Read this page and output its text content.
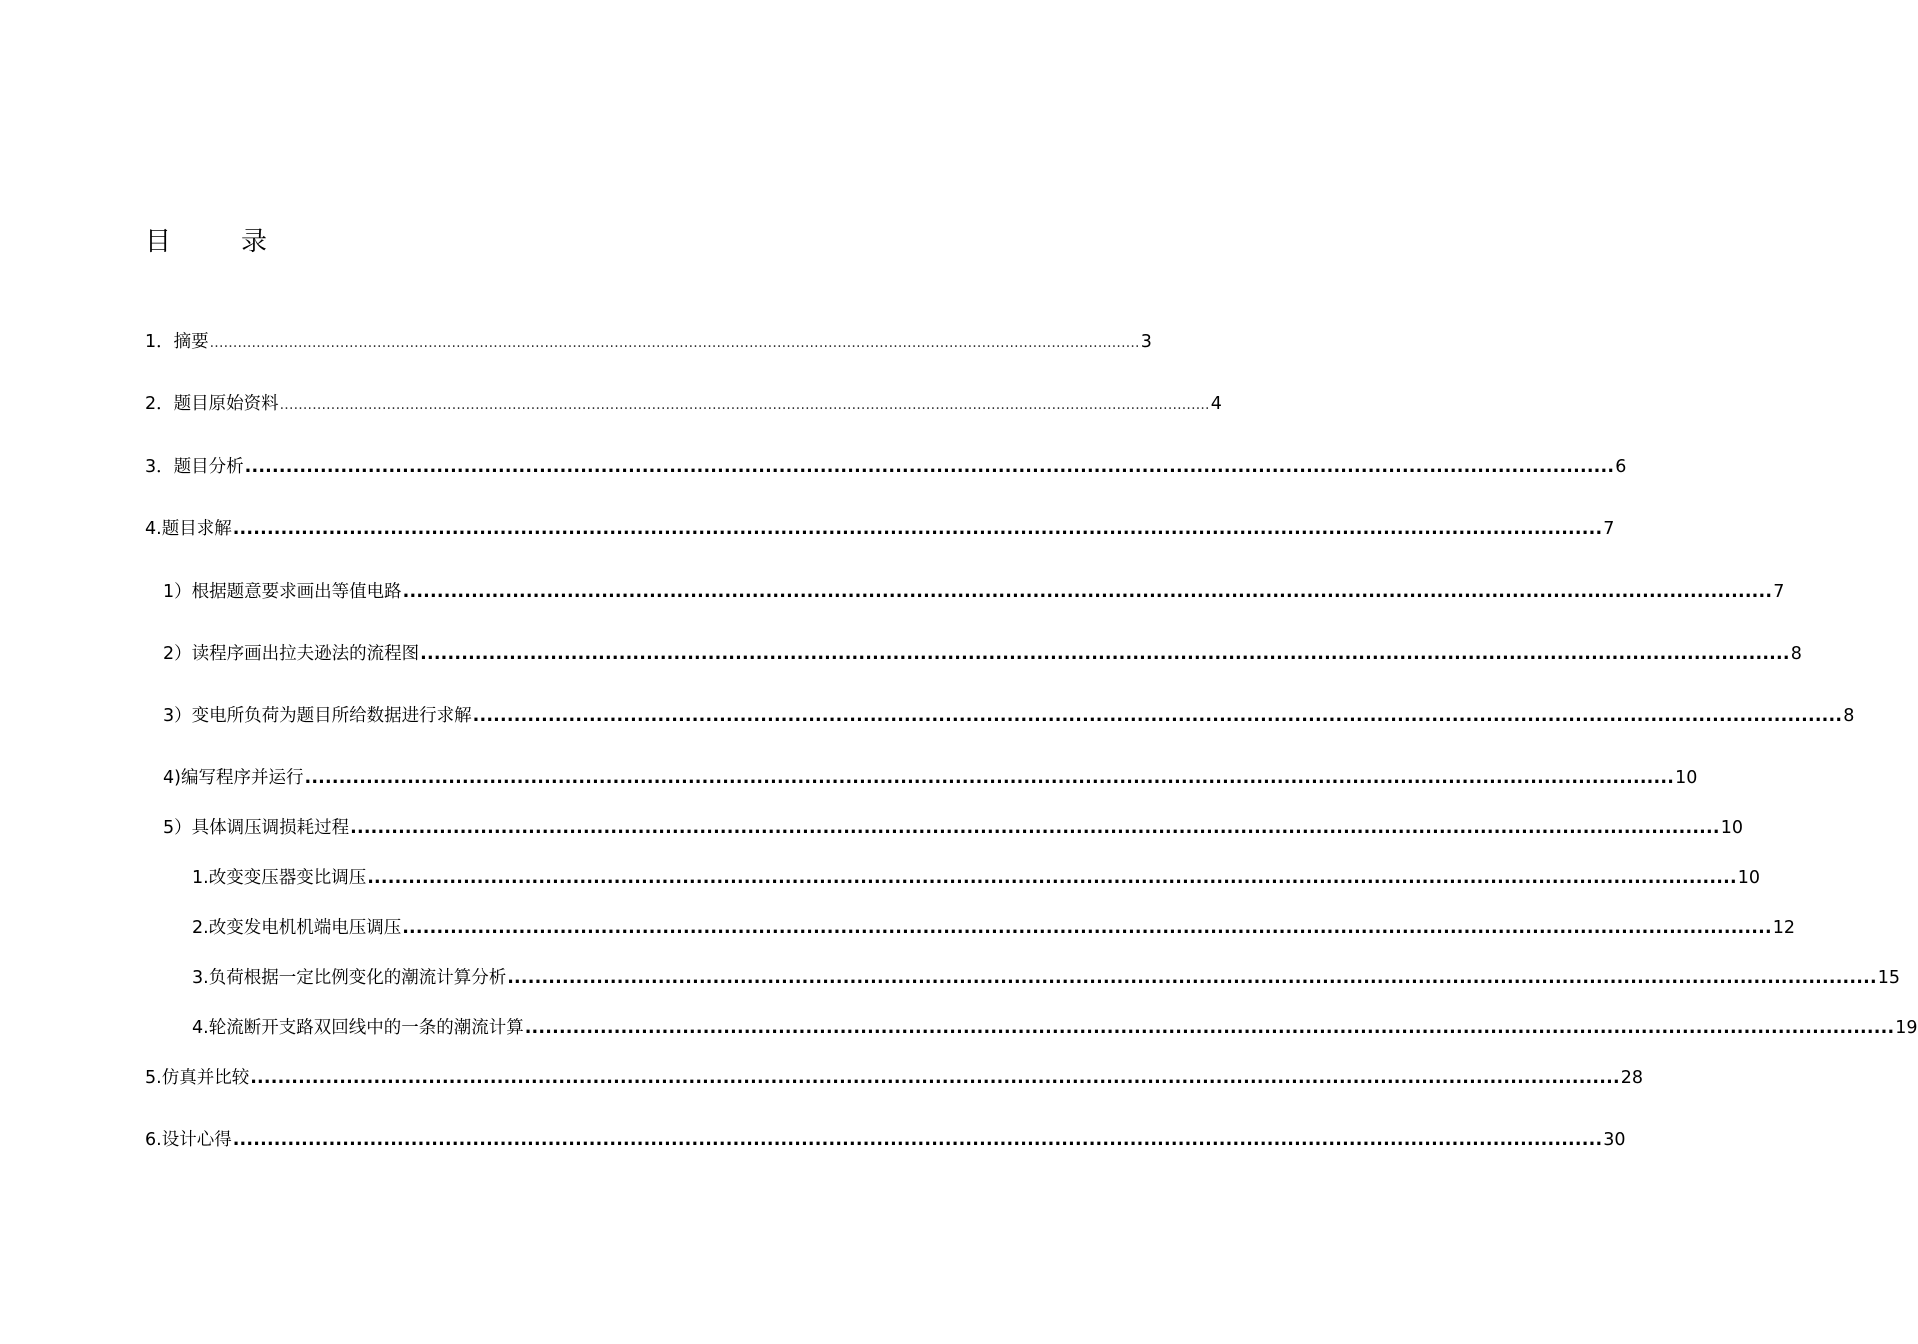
目　录
1．摘要 ........................................................................................................................................................................................................ 3
2．题目原始资料 ........................................................................................................................................................................................................ 4
3．题目分析 ........................................................................................................................................................................................................ 6
4.题目求解 ........................................................................................................................................................................................................ 7
1）根据题意要求画出等值电路 ........................................................................................................................................................................................................ 7
2）读程序画出拉夫逊法的流程图 ........................................................................................................................................................................................................ 8
3）变电所负荷为题目所给数据进行求解 ........................................................................................................................................................................................................ 8
4)编写程序并运行 ........................................................................................................................................................................................................ 10
5）具体调压调损耗过程 ........................................................................................................................................................................................................ 10
1.改变变压器变比调压 ........................................................................................................................................................................................................ 10
2.改变发电机机端电压调压 ........................................................................................................................................................................................................ 12
3.负荷根据一定比例变化的潮流计算分析 ........................................................................................................................................................................................................ 15
4.轮流断开支路双回线中的一条的潮流计算 ........................................................................................................................................................................................................ 19
5.仿真并比较 ........................................................................................................................................................................................................ 28
6.设计心得 ........................................................................................................................................................................................................ 30
